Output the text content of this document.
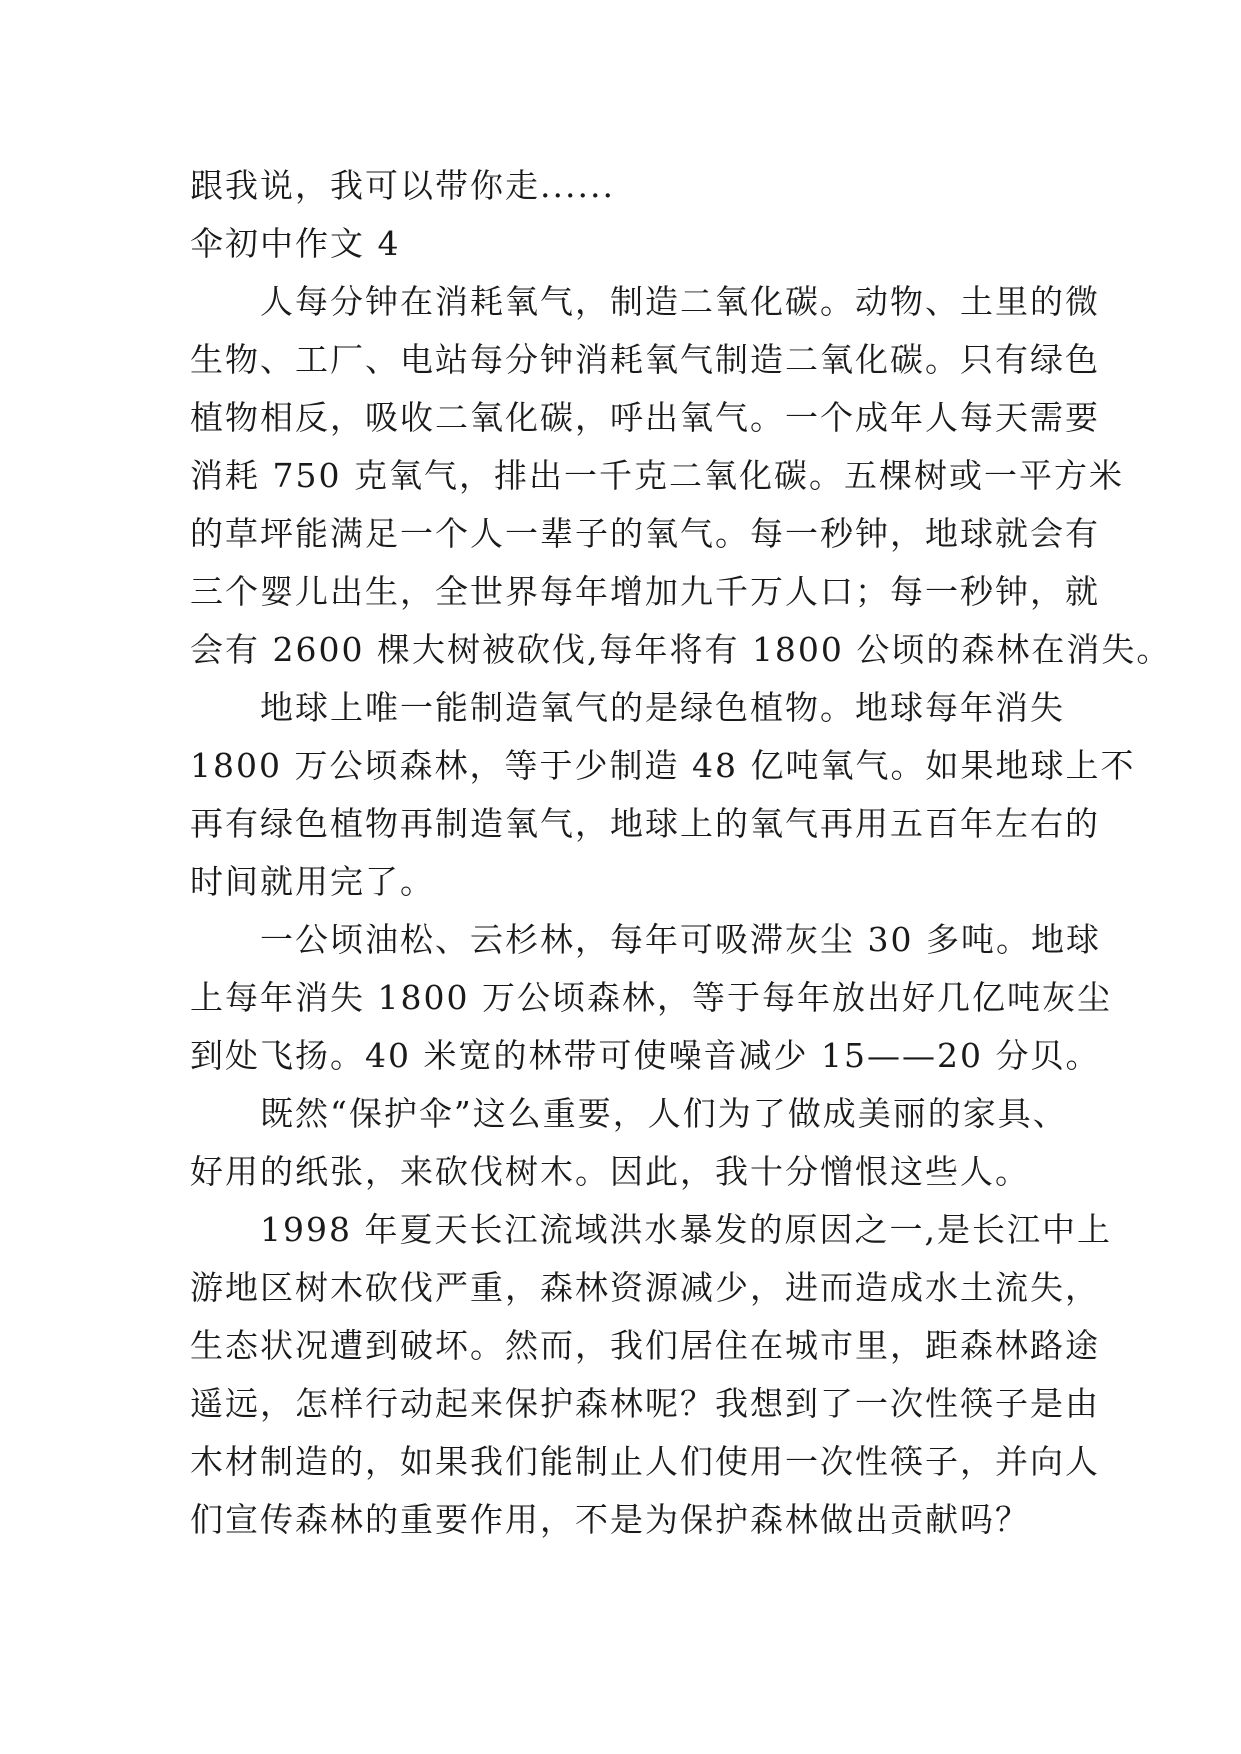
跟我说，我可以带你走......
伞初中作文 4
　　人每分钟在消耗氧气，制造二氧化碳。动物、土里的微
生物、工厂、电站每分钟消耗氧气制造二氧化碳。只有绿色
植物相反，吸收二氧化碳，呼出氧气。一个成年人每天需要
消耗 750 克氧气，排出一千克二氧化碳。五棵树或一平方米
的草坪能满足一个人一辈子的氧气。每一秒钟，地球就会有
三个婴儿出生，全世界每年增加九千万人口；每一秒钟，就
会有 2600 棵大树被砍伐,每年将有 1800 公顷的森林在消失。
　　地球上唯一能制造氧气的是绿色植物。地球每年消失
1800 万公顷森林，等于少制造 48 亿吨氧气。如果地球上不
再有绿色植物再制造氧气，地球上的氧气再用五百年左右的
时间就用完了。
　　一公顷油松、云杉林，每年可吸滞灰尘 30 多吨。地球
上每年消失 1800 万公顷森林，等于每年放出好几亿吨灰尘
到处飞扬。40 米宽的林带可使噪音减少 15——20 分贝。
　　既然“保护伞”这么重要，人们为了做成美丽的家具、
好用的纸张，来砍伐树木。因此，我十分憎恨这些人。
　　1998 年夏天长江流域洪水暴发的原因之一,是长江中上
游地区树木砍伐严重，森林资源减少，进而造成水土流失，
生态状况遭到破坏。然而，我们居住在城市里，距森林路途
遥远，怎样行动起来保护森林呢？我想到了一次性筷子是由
木材制造的，如果我们能制止人们使用一次性筷子，并向人
们宣传森林的重要作用，不是为保护森林做出贡献吗？
